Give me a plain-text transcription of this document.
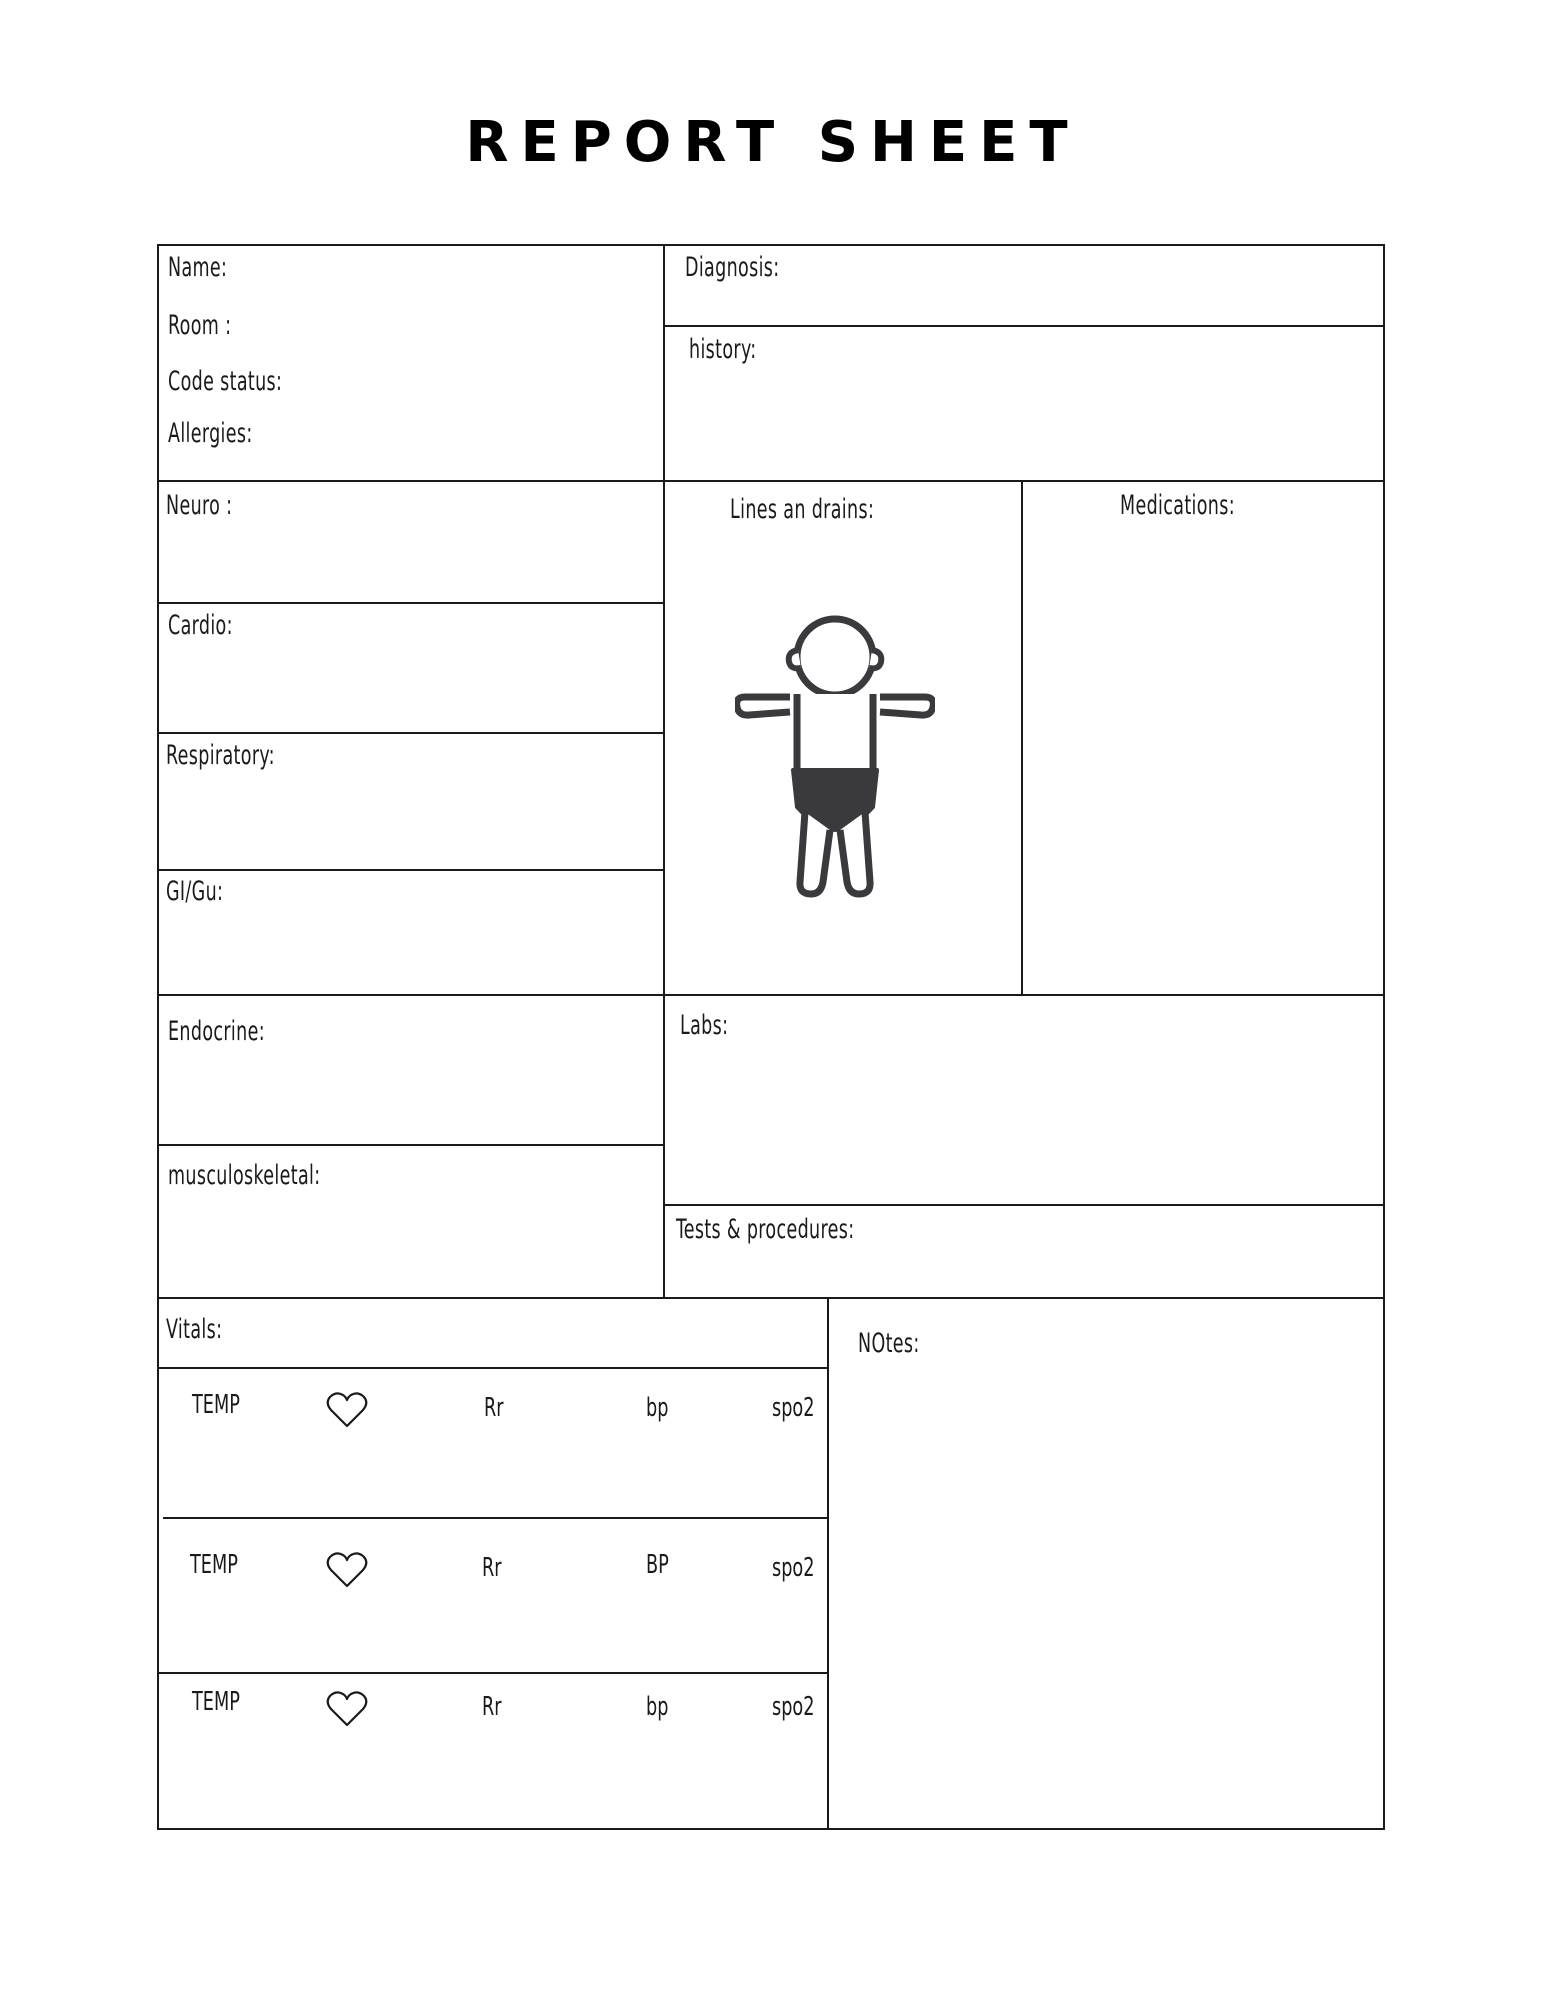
REPORT SHEET
Name:
Room :
Code status:
Allergies:
Diagnosis:
history:
Neuro :
Cardio:
Respiratory:
GI/Gu:
Lines an drains:	Medications:
Endocrine:
musculoskeletal:
Labs:
Tests & procedures:
Vitals:
TEMP	Rr	bp	spo2
TEMP	Rr	BP	spo2
TEMP	Rr	bp	spo2
NOtes:
